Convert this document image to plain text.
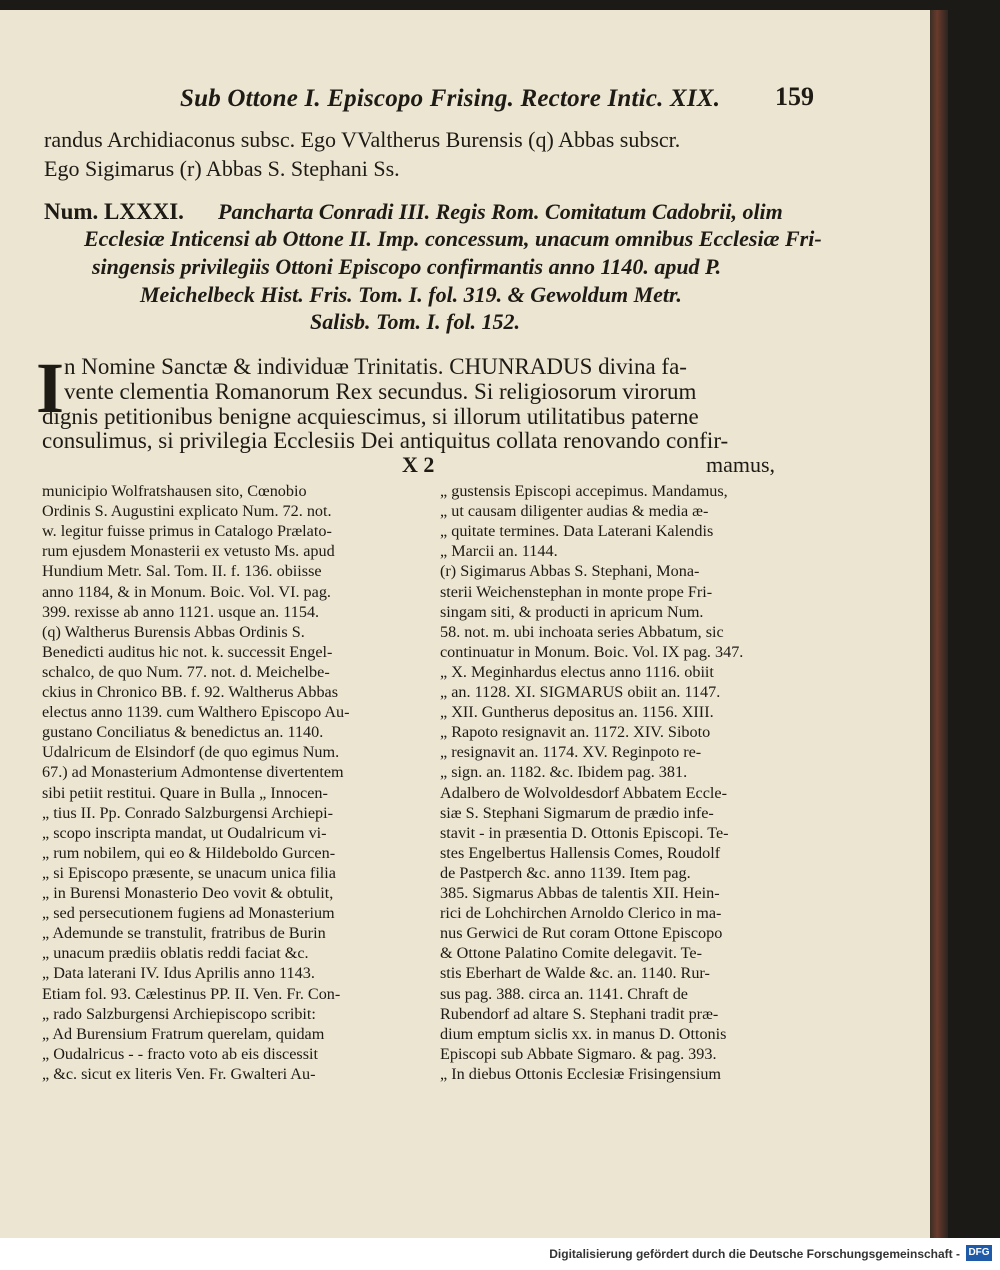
Sub Ottone I. Episcopo Frising. Rectore Intic. XIX. 159
randus Archidiaconus subsc. Ego VValtherus Burensis (q) Abbas subscr.
Ego Sigimarus (r) Abbas S. Stephani Ss.
Num. LXXXI. Pancharta Conradi III. Regis Rom. Comitatum Cadobrii, olim
Ecclesiæ Inticensi ab Ottone II. Imp. concessum, unacum omnibus Ecclesiæ Fri-
singensis privilegiis Ottoni Episcopo confirmantis anno 1140. apud P.
Meichelbeck Hist. Fris. Tom. I. fol. 319. & Gewoldum Metr.
Salisb. Tom. I. fol. 152.
I n Nomine Sanctæ & individuæ Trinitatis. CHUNRADUS divina fa-
vente clementia Romanorum Rex secundus. Si religiosorum virorum
dignis petitionibus benigne acquiescimus, si illorum utilitatibus paterne
consulimus, si privilegia Ecclesiis Dei antiquitus collata renovando confir-
X 2	mamus,
municipio Wolfratshausen sito, Cœnobio
Ordinis S. Augustini explicato Num. 72. not.
w. legitur fuisse primus in Catalogo Prælato-
rum ejusdem Monasterii ex vetusto Ms. apud
Hundium Metr. Sal. Tom. II. f. 136. obiisse
anno 1184, & in Monum. Boic. Vol. VI. pag.
399. rexisse ab anno 1121. usque an. 1154.
(q) Waltherus Burensis Abbas Ordinis S.
Benedicti auditus hic not. k. successit Engel-
schalco, de quo Num. 77. not. d. Meichelbe-
ckius in Chronico BB. f. 92. Waltherus Abbas
electus anno 1139. cum Walthero Episcopo Au-
gustano Conciliatus & benedictus an. 1140.
Udalricum de Elsindorf (de quo egimus Num.
67.) ad Monasterium Admontense divertentem
sibi petiit restitui. Quare in Bulla „ Innocen-
„ tius II. Pp. Conrado Salzburgensi Archiepi-
„ scopo inscripta mandat, ut Oudalricum vi-
„ rum nobilem, qui eo & Hildeboldo Gurcen-
„ si Episcopo præsente, se unacum unica filia
„ in Burensi Monasterio Deo vovit & obtulit,
„ sed persecutionem fugiens ad Monasterium
„ Ademunde se transtulit, fratribus de Burin
„ unacum prædiis oblatis reddi faciat &c.
„ Data laterani IV. Idus Aprilis anno 1143.
Etiam fol. 93. Cælestinus PP. II. Ven. Fr. Con-
„ rado Salzburgensi Archiepiscopo scribit:
„ Ad Burensium Fratrum querelam, quidam
„ Oudalricus - - fracto voto ab eis discessit
„ &c. sicut ex literis Ven. Fr. Gwalteri Au-
„ gustensis Episcopi accepimus. Mandamus,
„ ut causam diligenter audias & media æ-
„ quitate termines. Data Laterani Kalendis
„ Marcii an. 1144.
(r) Sigimarus Abbas S. Stephani, Mona-
sterii Weichenstephan in monte prope Fri-
singam siti, & producti in apricum Num.
58. not. m. ubi inchoata series Abbatum, sic
continuatur in Monum. Boic. Vol. IX pag. 347.
„ X. Meginhardus electus anno 1116. obiit
„ an. 1128. XI. SIGMARUS obiit an. 1147.
„ XII. Guntherus depositus an. 1156. XIII.
„ Rapoto resignavit an. 1172. XIV. Siboto
„ resignavit an. 1174. XV. Reginpoto re-
„ sign. an. 1182. &c. Ibidem pag. 381.
Adalbero de Wolvoldesdorf Abbatem Eccle-
siæ S. Stephani Sigmarum de prædio infe-
stavit - in præsentia D. Ottonis Episcopi. Te-
stes Engelbertus Hallensis Comes, Roudolf
de Pastperch &c. anno 1139. Item pag.
385. Sigmarus Abbas de talentis XII. Hein-
rici de Lohchirchen Arnoldo Clerico in ma-
nus Gerwici de Rut coram Ottone Episcopo
& Ottone Palatino Comite delegavit. Te-
stis Eberhart de Walde &c. an. 1140. Rur-
sus pag. 388. circa an. 1141. Chraft de
Rubendorf ad altare S. Stephani tradit præ-
dium emptum siclis xx. in manus D. Ottonis
Episcopi sub Abbate Sigmaro. & pag. 393.
„ In diebus Ottonis Ecclesiæ Frisingensium
Digitalisierung gefördert durch die Deutsche Forschungsgemeinschaft - DFG
